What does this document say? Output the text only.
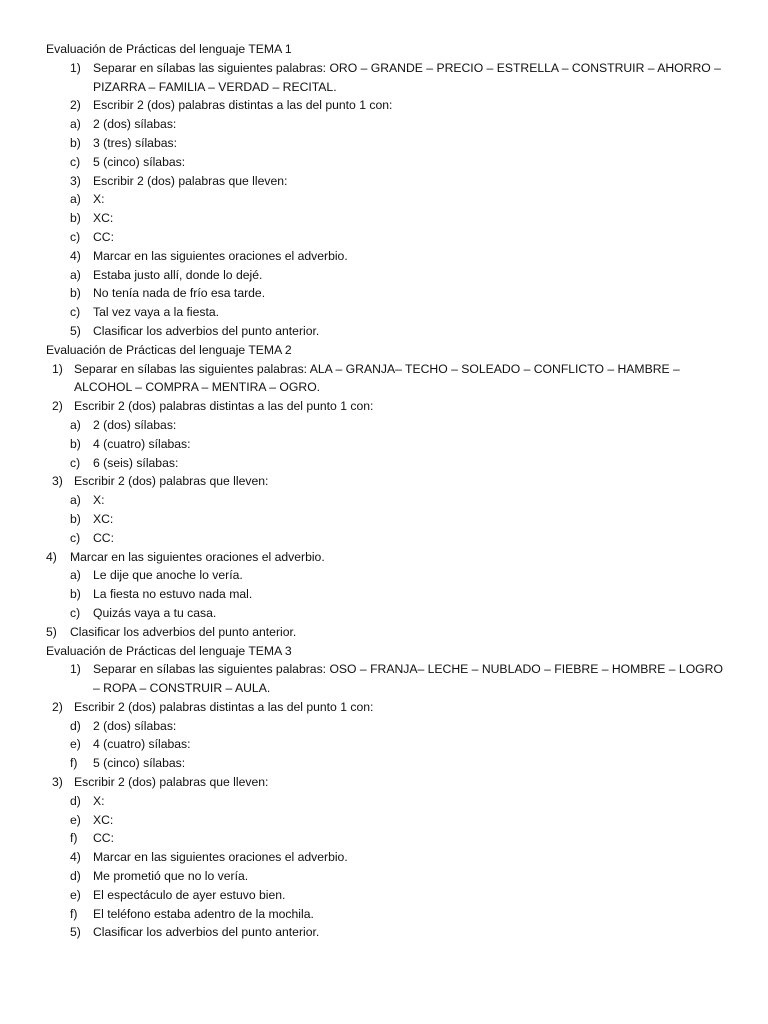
Evaluación de Prácticas del lenguaje TEMA 1
1) Separar en sílabas las siguientes palabras: ORO – GRANDE – PRECIO – ESTRELLA – CONSTRUIR – AHORRO –
PIZARRA – FAMILIA – VERDAD – RECITAL.
2) Escribir 2 (dos) palabras distintas a las del punto 1 con:
a) 2 (dos) sílabas:
b) 3 (tres) sílabas:
c) 5 (cinco) sílabas:
3) Escribir 2 (dos) palabras que lleven:
a) X:
b) XC:
c) CC:
4) Marcar en las siguientes oraciones el adverbio.
a) Estaba justo allí, donde lo dejé.
b) No tenía nada de frío esa tarde.
c) Tal vez vaya a la fiesta.
5) Clasificar los adverbios del punto anterior.
Evaluación de Prácticas del lenguaje TEMA 2
1) Separar en sílabas las siguientes palabras: ALA – GRANJA– TECHO – SOLEADO – CONFLICTO – HAMBRE –
ALCOHOL – COMPRA – MENTIRA – OGRO.
2) Escribir 2 (dos) palabras distintas a las del punto 1 con:
a) 2 (dos) sílabas:
b) 4 (cuatro) sílabas:
c) 6 (seis) sílabas:
3) Escribir 2 (dos) palabras que lleven:
a) X:
b) XC:
c) CC:
4) Marcar en las siguientes oraciones el adverbio.
a) Le dije que anoche lo vería.
b) La fiesta no estuvo nada mal.
c) Quizás vaya a tu casa.
5) Clasificar los adverbios del punto anterior.
Evaluación de Prácticas del lenguaje TEMA 3
1) Separar en sílabas las siguientes palabras: OSO – FRANJA– LECHE – NUBLADO – FIEBRE – HOMBRE – LOGRO
– ROPA – CONSTRUIR – AULA.
2) Escribir 2 (dos) palabras distintas a las del punto 1 con:
d) 2 (dos) sílabas:
e) 4 (cuatro) sílabas:
f) 5 (cinco) sílabas:
3) Escribir 2 (dos) palabras que lleven:
d) X:
e) XC:
f) CC:
4) Marcar en las siguientes oraciones el adverbio.
d) Me prometió que no lo vería.
e) El espectáculo de ayer estuvo bien.
f) El teléfono estaba adentro de la mochila.
5) Clasificar los adverbios del punto anterior.
